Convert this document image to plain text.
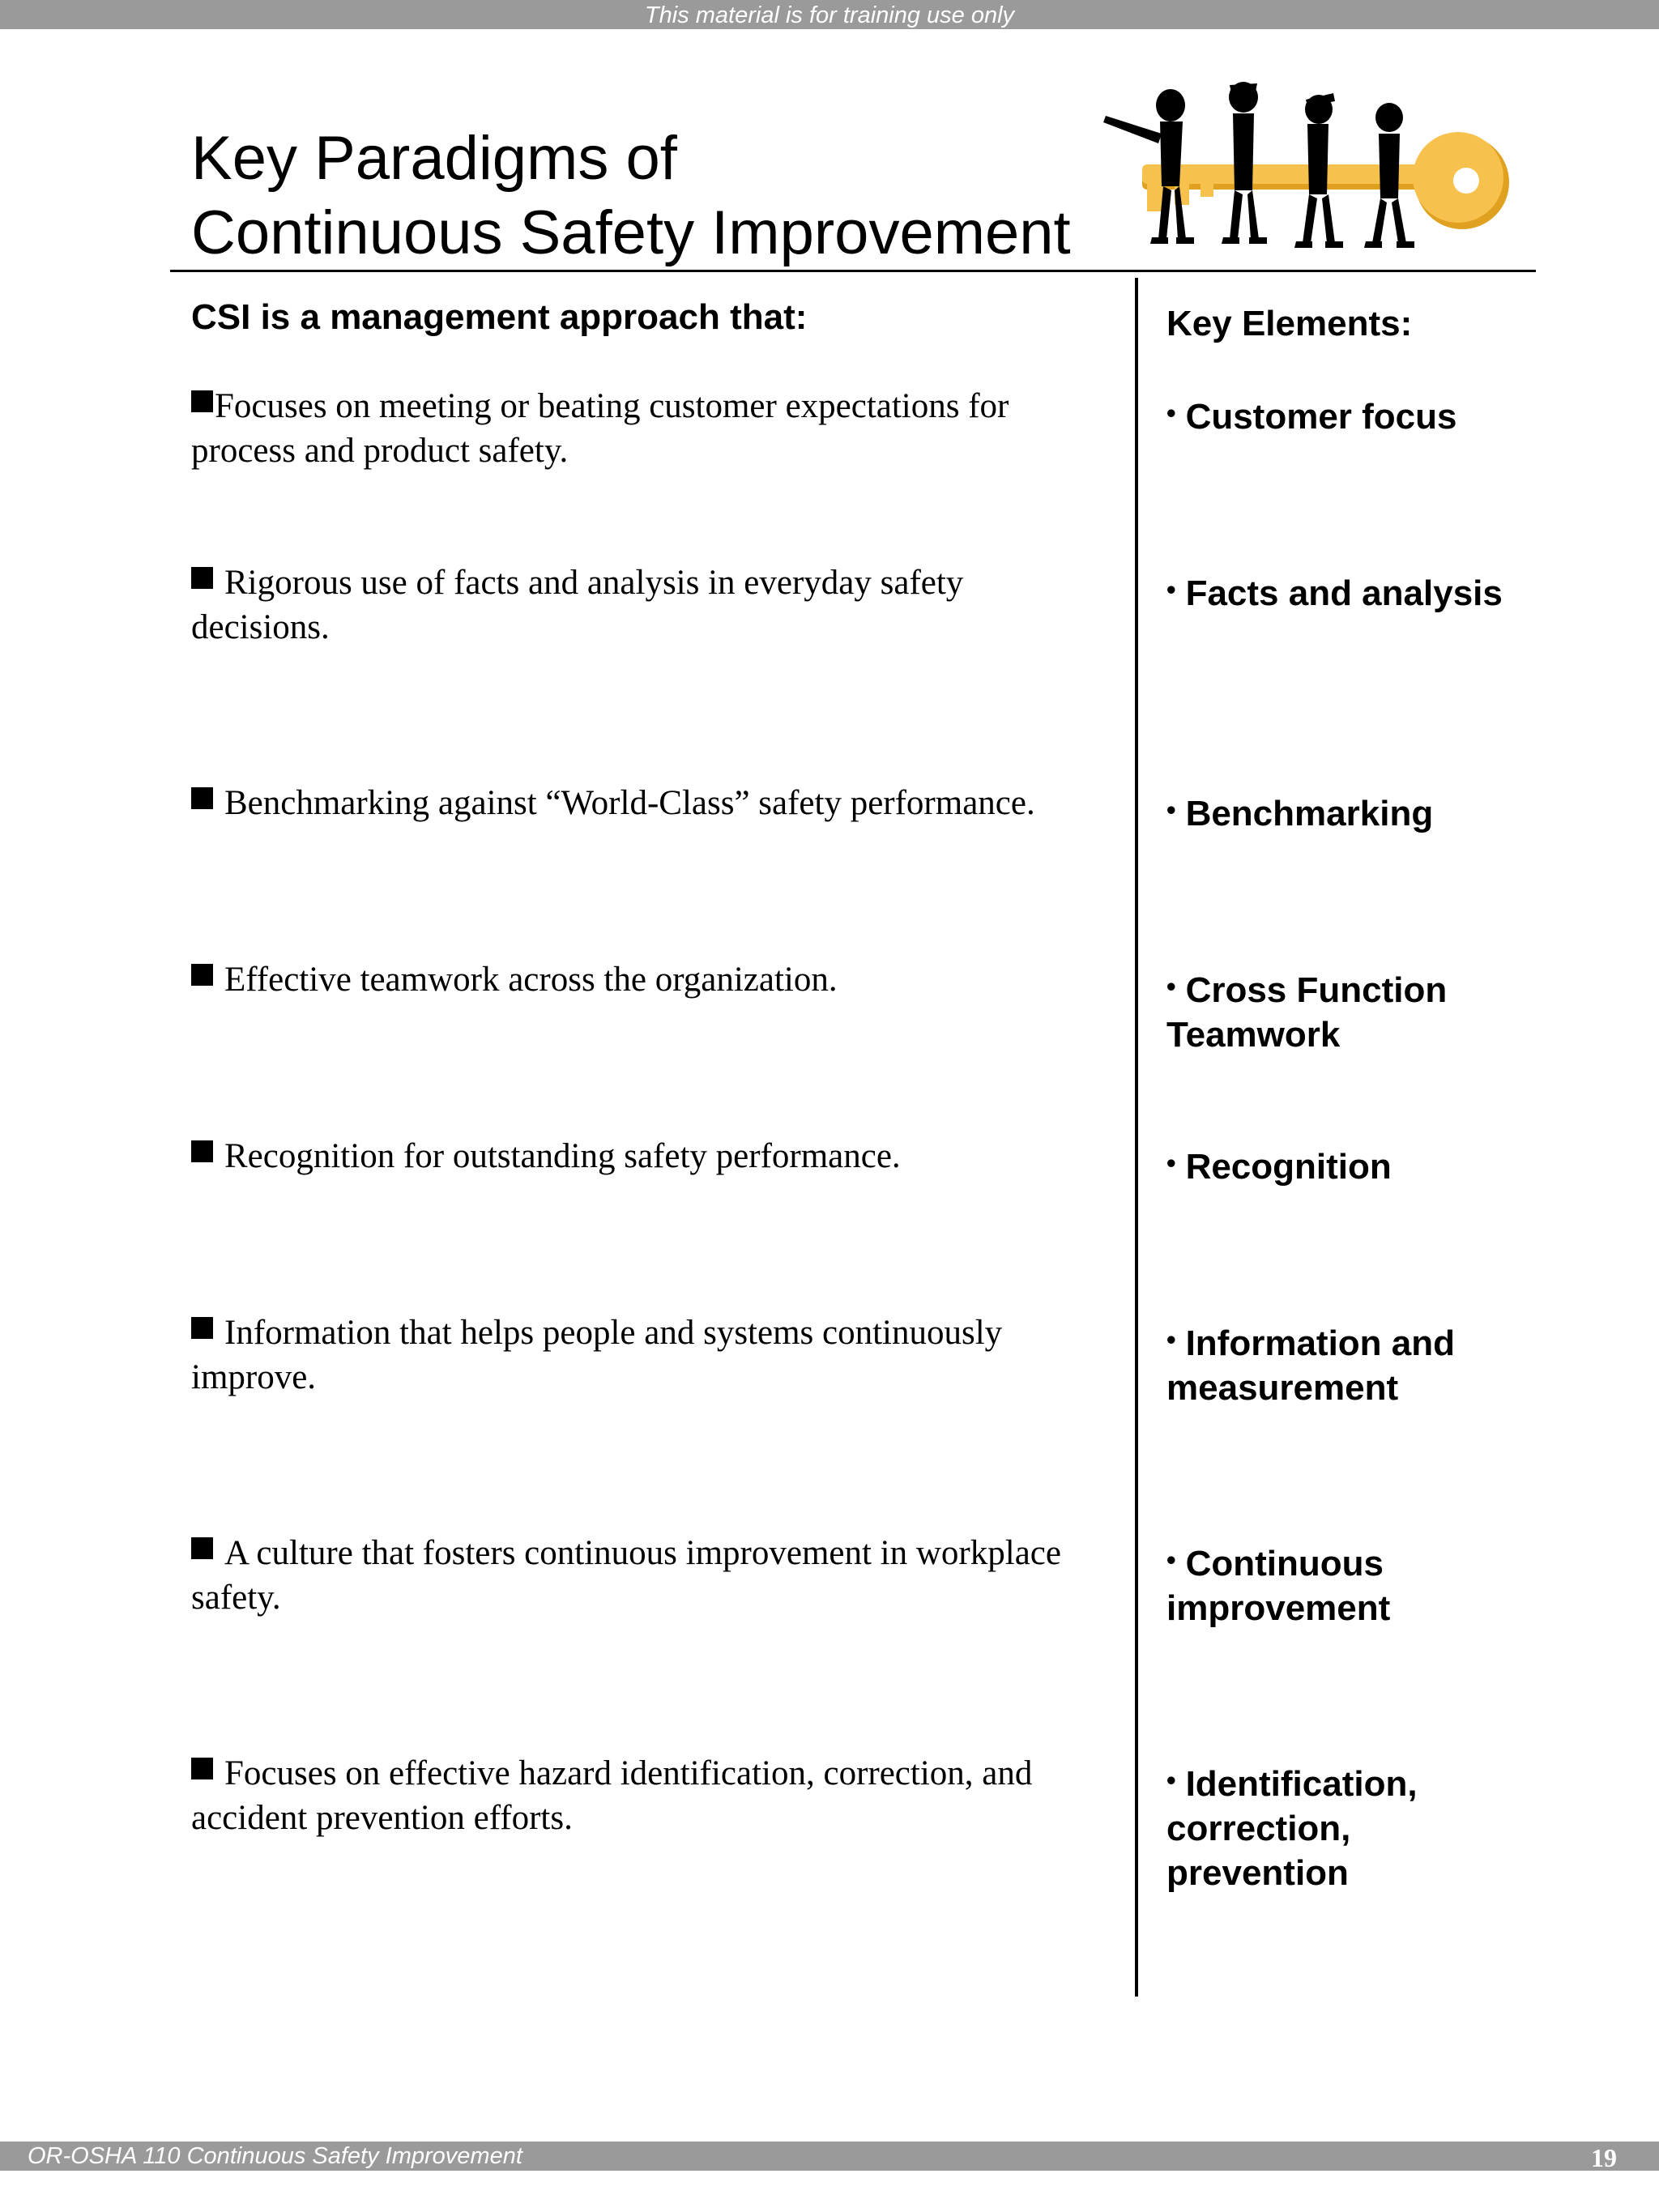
This material is for training use only
Key Paradigms of
Continuous Safety Improvement
CSI is a management approach that:	Key Elements:
Focuses on meeting or beating customer expectations for process and product safety.
Rigorous use of facts and analysis in everyday safety decisions.
Benchmarking against “World-Class” safety performance.
Effective teamwork across the organization.
Recognition for outstanding safety performance.
Information that helps people and systems continuously improve.
A culture that fosters continuous improvement in workplace safety.
Focuses on effective hazard identification, correction, and accident prevention efforts.
• Customer focus
• Facts and analysis
• Benchmarking
• Cross Function Teamwork
• Recognition
• Information and measurement
• Continuous improvement
• Identification, correction, prevention
OR-OSHA 110 Continuous Safety Improvement	19
